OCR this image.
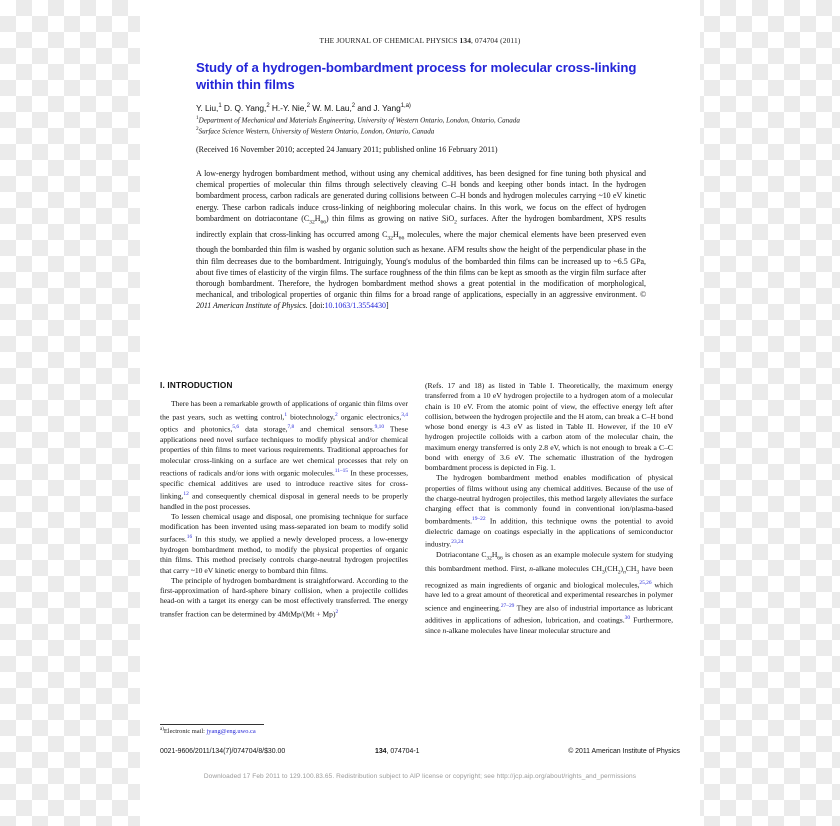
THE JOURNAL OF CHEMICAL PHYSICS 134, 074704 (2011)
Study of a hydrogen-bombardment process for molecular cross-linking within thin films
Y. Liu,$^1$ D. Q. Yang,$^2$ H.-Y. Nie,$^2$ W. M. Lau,$^2$ and J. Yang$^{1,a)}$
$^1$Department of Mechanical and Materials Engineering, University of Western Ontario, London, Ontario, Canada
$^2$Surface Science Western, University of Western Ontario, London, Ontario, Canada
(Received 16 November 2010; accepted 24 January 2011; published online 16 February 2011)
A low-energy hydrogen bombardment method, without using any chemical additives, has been designed for fine tuning both physical and chemical properties of molecular thin films through selectively cleaving C–H bonds and keeping other bonds intact. In the hydrogen bombardment process, carbon radicals are generated during collisions between C–H bonds and hydrogen molecules carrying ~10 eV kinetic energy. These carbon radicals induce cross-linking of neighboring molecular chains. In this work, we focus on the effect of hydrogen bombardment on dotriacontane $(C_{32}H_{66})$ thin films as growing on native SiO$_2$ surfaces. After the hydrogen bombardment, XPS results indirectly explain that cross-linking has occurred among $C_{32}H_{66}$ molecules, where the major chemical elements have been preserved even though the bombarded thin film is washed by organic solution such as hexane. AFM results show the height of the perpendicular phase in the thin film decreases due to the bombardment. Intriguingly, Young's modulus of the bombarded thin films can be increased up to ~6.5 GPa, about five times of elasticity of the virgin films. The surface roughness of the thin films can be kept as smooth as the virgin film surface after thorough bombardment. Therefore, the hydrogen bombardment method shows a great potential in the modification of morphological, mechanical, and tribological properties of organic thin films for a broad range of applications, especially in an aggressive environment. © 2011 American Institute of Physics. [doi:10.1063/1.3554430]
I. INTRODUCTION

There has been a remarkable growth of applications of organic thin films over the past years, such as wetting control,$^1$ biotechnology,$^2$ organic electronics,$^{3,4}$ optics and photonics,$^{5,6}$ data storage,$^{7,8}$ and chemical sensors.$^{9,10}$ These applications need novel surface techniques to modify physical and/or chemical properties of thin films to meet various requirements. Traditional approaches for molecular cross-linking on a surface are wet chemical processes that rely on reactions of radicals and/or ions with organic molecules.$^{11-15}$ In these processes, specific chemical additives are used to introduce reactive sites for cross-linking,$^{12}$ and consequently chemical disposal in general needs to be properly handled in the post processes.

To lessen chemical usage and disposal, one promising technique for surface modification has been invented using mass-separated ion beam to modify solid surfaces.$^{16}$ In this study, we applied a newly developed process, a low-energy hydrogen bombardment method, to modify the physical properties of organic thin films. This method precisely controls charge-neutral hydrogen projectiles that carry ~10 eV kinetic energy to bombard thin films.

The principle of hydrogen bombardment is straightforward. According to the first-approximation of hard-sphere binary collision, when a projectile collides head-on with a target its energy can be most effectively transferred. The energy transfer fraction can be determined by 4MtMp/(Mt + Mp)$^2$

(Refs. 17 and 18) as listed in Table I. Theoretically, the maximum energy transferred from a 10 eV hydrogen projectile to a hydrogen atom of a molecular chain is 10 eV. From the atomic point of view, the effective energy left after collision, between the hydrogen projectile and the H atom, can break a C–H bond whose bond energy is 4.3 eV as listed in Table II. However, if the 10 eV hydrogen projectile colloids with a carbon atom of the molecular chain, the maximum energy transferred is only 2.8 eV, which is not enough to break a C–C bond with energy of 3.6 eV. The schematic illustration of the hydrogen bombardment process is depicted in Fig. 1.

The hydrogen bombardment method enables modification of physical properties of films without using any chemical additives. Because of the use of the charge-neutral hydrogen projectiles, this method largely alleviates the surface charging effect that is commonly found in conventional ion/plasma-based bombardments.$^{19-22}$ In addition, this technique owns the potential to avoid dielectric damage on coatings especially in the applications of semiconductor industry.$^{23,24}$

Dotriacontane $C_{32}H_{66}$ is chosen as an example molecule system for studying this bombardment method. First, n-alkane molecules $CH_3(CH_2)_nCH_3$ have been recognized as main ingredients of organic and biological molecules,$^{25,26}$ which have led to a great amount of theoretical and experimental researches in polymer science and engineering.$^{27-29}$ They are also of industrial importance as lubricant additives in applications of adhesion, lubrication, and coatings.$^{30}$ Furthermore, since n-alkane molecules have linear molecular structure and

$^{a)}$Electronic mail: jyang@eng.uwo.ca
0021-9606/2011/134(7)/074704/8/$30.00	134, 074704-1	© 2011 American Institute of Physics
Downloaded 17 Feb 2011 to 129.100.83.65. Redistribution subject to AIP license or copyright; see http://jcp.aip.org/about/rights_and_permissions
